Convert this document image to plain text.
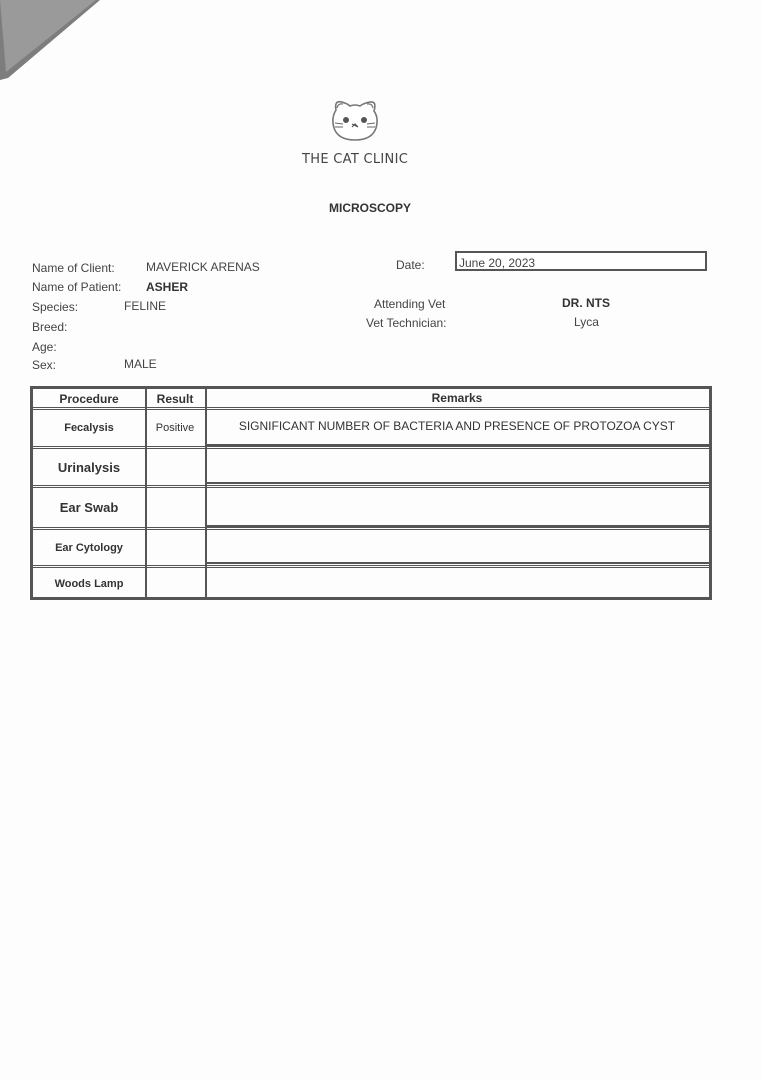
THE CAT CLINIC
MICROSCOPY
Name of Client:	MAVERICK ARENAS
Name of Patient: ASHER
Species:	FELINE
Breed:
Age:
Sex:	MALE
Date:	June 20, 2023
Attending Vet	DR. NTS
Vet Technician:	Lyca
Procedure	Result	Remarks
Fecalysis	Positive	SIGNIFICANT NUMBER OF BACTERIA AND PRESENCE OF PROTOZOA CYST
Urinalysis
Ear Swab
Ear Cytology
Woods Lamp
